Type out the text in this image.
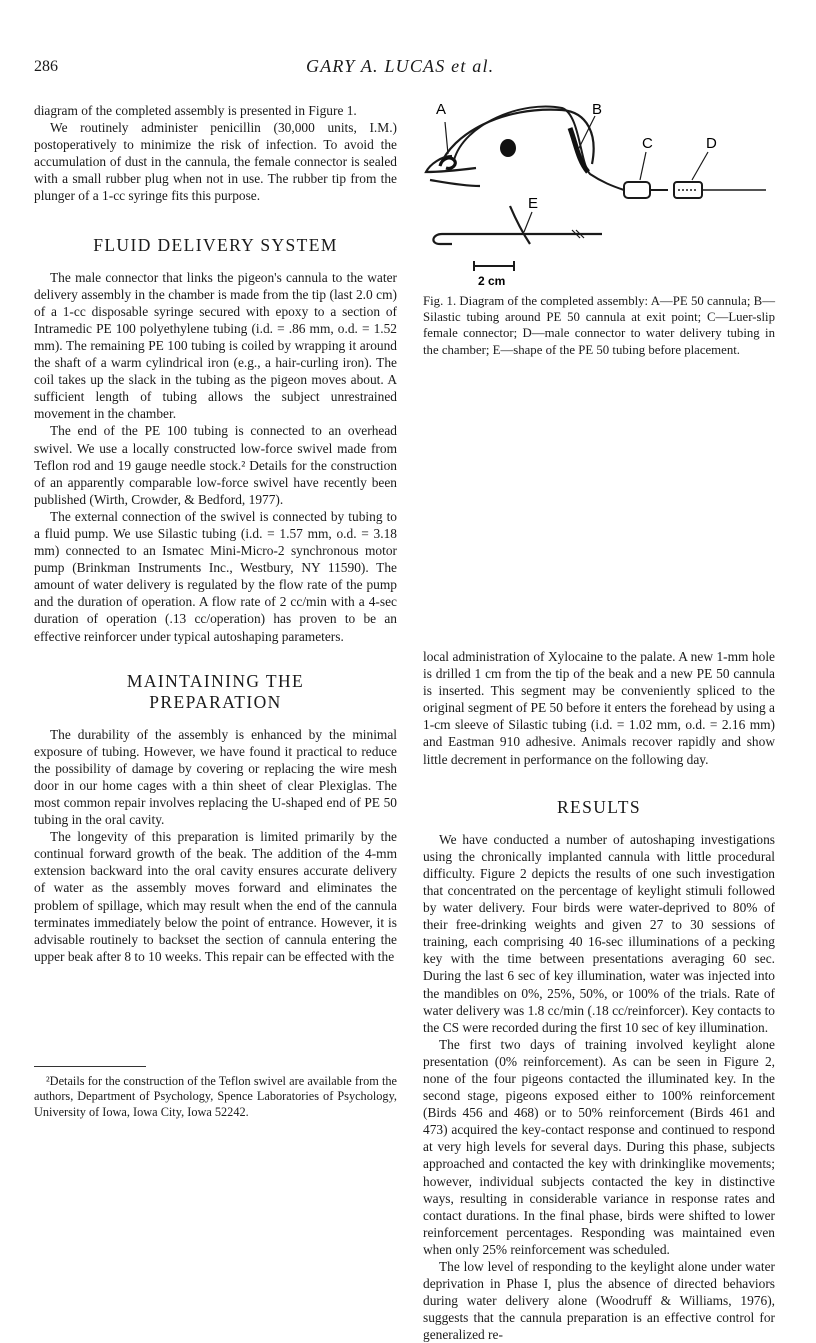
286	GARY A. LUCAS et al.

diagram of the completed assembly is presented in Figure 1.

We routinely administer penicillin (30,000 units, I.M.) postoperatively to minimize the risk of infection. To avoid the accumulation of dust in the cannula, the female connector is sealed with a small rubber plug when not in use. The rubber tip from the plunger of a 1-cc syringe fits this purpose.

FLUID DELIVERY SYSTEM

The male connector that links the pigeon's cannula to the water delivery assembly in the chamber is made from the tip (last 2.0 cm) of a 1-cc disposable syringe secured with epoxy to a section of Intramedic PE 100 polyethylene tubing (i.d. = .86 mm, o.d. = 1.52 mm). The remaining PE 100 tubing is coiled by wrapping it around the shaft of a warm cylindrical iron (e.g., a hair-curling iron). The coil takes up the slack in the tubing as the pigeon moves about. A sufficient length of tubing allows the subject unrestrained movement in the chamber.

The end of the PE 100 tubing is connected to an overhead swivel. We use a locally constructed low-force swivel made from Teflon rod and 19 gauge needle stock.² Details for the construction of an apparently comparable low-force swivel have recently been published (Wirth, Crowder, & Bedford, 1977).

The external connection of the swivel is connected by tubing to a fluid pump. We use Silastic tubing (i.d. = 1.57 mm, o.d. = 3.18 mm) connected to an Ismatec Mini-Micro-2 synchronous motor pump (Brinkman Instruments Inc., Westbury, NY 11590). The amount of water delivery is regulated by the flow rate of the pump and the duration of operation. A flow rate of 2 cc/min with a 4-sec duration of operation (.13 cc/operation) has proven to be an effective reinforcer under typical autoshaping parameters.

MAINTAINING THE
PREPARATION

The durability of the assembly is enhanced by the minimal exposure of tubing. However, we have found it practical to reduce the possibility of damage by covering or replacing the wire mesh door in our home cages with a thin sheet of clear Plexiglas. The most common repair involves replacing the U-shaped end of PE 50 tubing in the oral cavity.

The longevity of this preparation is limited primarily by the continual forward growth of the beak. The addition of the 4-mm extension backward into the oral cavity ensures accurate delivery of water as the assembly moves forward and eliminates the problem of spillage, which may result when the end of the cannula terminates immediately below the point of entrance. However, it is advisable routinely to backset the section of cannula entering the upper beak after 8 to 10 weeks. This repair can be effected with the

²Details for the construction of the Teflon swivel are available from the authors, Department of Psychology, Spence Laboratories of Psychology, University of Iowa, Iowa City, Iowa 52242.
A	B
C	D
E
2 cm
Fig. 1. Diagram of the completed assembly: A—PE 50 cannula; B—Silastic tubing around PE 50 cannula at exit point; C—Luer-slip female connector; D—male connector to water delivery tubing in the chamber; E—shape of the PE 50 tubing before placement.

local administration of Xylocaine to the palate. A new 1-mm hole is drilled 1 cm from the tip of the beak and a new PE 50 cannula is inserted. This segment may be conveniently spliced to the original segment of PE 50 before it enters the forehead by using a 1-cm sleeve of Silastic tubing (i.d. = 1.02 mm, o.d. = 2.16 mm) and Eastman 910 adhesive. Animals recover rapidly and show little decrement in performance on the following day.

RESULTS

We have conducted a number of autoshaping investigations using the chronically implanted cannula with little procedural difficulty. Figure 2 depicts the results of one such investigation that concentrated on the percentage of keylight stimuli followed by water delivery. Four birds were water-deprived to 80% of their free-drinking weights and given 27 to 30 sessions of training, each comprising 40 16-sec illuminations of a pecking key with the time between presentations averaging 60 sec. During the last 6 sec of key illumination, water was injected into the mandibles on 0%, 25%, 50%, or 100% of the trials. Rate of water delivery was 1.8 cc/min (.18 cc/reinforcer). Key contacts to the CS were recorded during the first 10 sec of key illumination.

The first two days of training involved keylight alone presentation (0% reinforcement). As can be seen in Figure 2, none of the four pigeons contacted the illuminated key. In the second stage, pigeons exposed either to 100% reinforcement (Birds 456 and 468) or to 50% reinforcement (Birds 461 and 473) acquired the key-contact response and continued to respond at very high levels for several days. During this phase, subjects approached and contacted the key with drinkinglike movements; however, individual subjects contacted the key in distinctive ways, resulting in considerable variance in response rates and contact durations. In the final phase, birds were shifted to lower reinforcement percentages. Responding was maintained even when only 25% reinforcement was scheduled.

The low level of responding to the keylight alone under water deprivation in Phase I, plus the absence of directed behaviors during water delivery alone (Woodruff & Williams, 1976), suggests that the cannula preparation is an effective control for generalized re-
